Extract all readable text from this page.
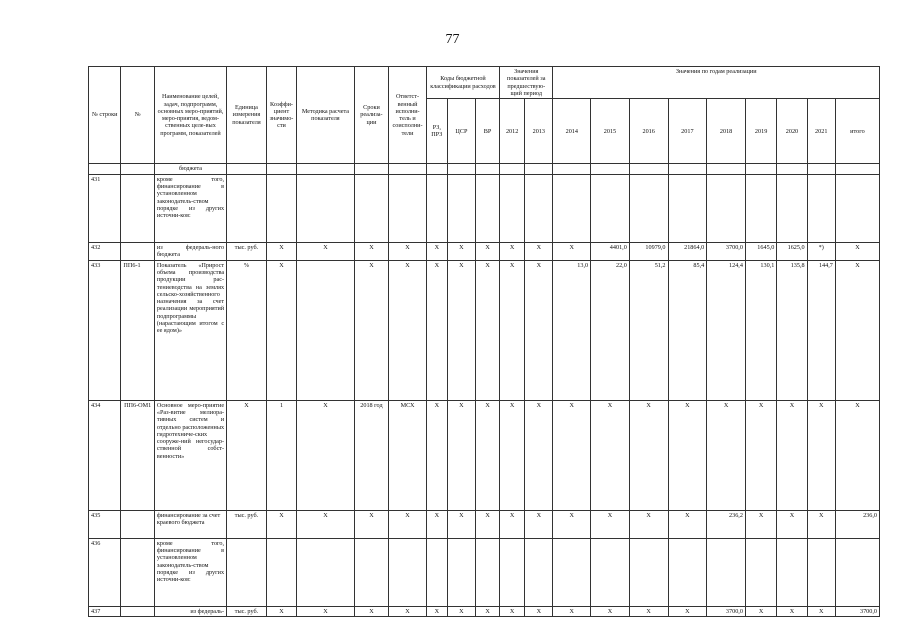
77
№ строки	№	Наименование целей, задач, подпрограмм, основных меро-приятий, меро-приятия, ведом-ственных целе-вых программ, показателей	Единица измерения показателя	Коэффи-циент значимо-сти	Методика расчета показателя	Сроки реализа-ции	Ответст-венный исполни-тель и соисполни-тели	Коды бюджетной классификации расходов			Значения показателей за предшествую-щий период		Значения по годам реализации								
								РЗ, ПРЗ	ЦСР	ВР	2012	2013	2014	2015	2016	2017	2018	2019	2020	2021	итого
		бюджета																			
431		кроме того, финансирование в установленном законодатель-ством порядке из других источни-ков:																			
432		из федераль-ного бюджета	тыс. руб.	X	X	X	X	X	X	X	X	X	X	4401,0	10979,0	21864,0	3700,0	1645,0	1625,0	*)	X
433	ПП6-1	Показатель «Прирост объема производства продукции рас-тениеводства на землях сельско-хозяйственного назначения за счет реализации мероприятий подпрограммы (нарастающим итогом с ее ядом)»	%	X		X	X	X	X	X	X	X	13,0	22,0	51,2	85,4	124,4	130,1	135,8	144,7	X
434	ПП6-ОМ1	Основное меро-приятие «Раз-витие мелиора-тивных систем и отдельно расположенных гидротехниче-ских сооруже-ний негосудар-ственной собст-венности»	X	1	X	2018 год	МСХ	X	X	X	X	X	X	X	X	X	X	X	X	X	X
435		финансирование за счет краевого бюджета	тыс. руб.	X	X	X	X	X	X	X	X	X	X	X	X	X	236,2	X	X	X	236,0
436		кроме того, финансирование в установленном законодатель-ством порядке из других источни-ков:																			
437		из федераль-	тыс. руб.	X	X	X	X	X	X	X	X	X	X	X	X	X	3700,0	X	X	X	3700,0
